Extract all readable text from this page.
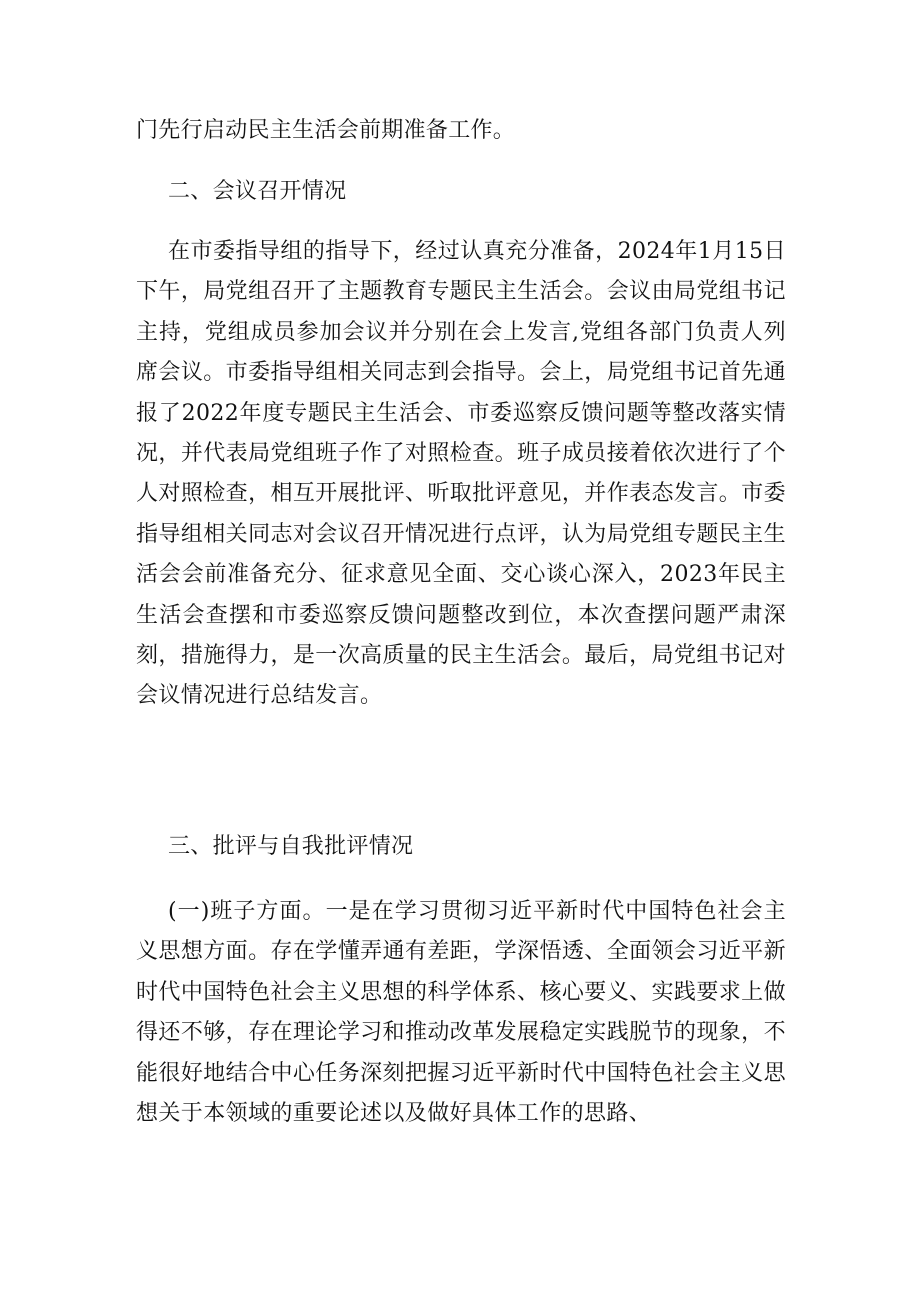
门先行启动民主生活会前期准备工作。
二、会议召开情况
在市委指导组的指导下，经过认真充分准备，2024年1月15日下午，局党组召开了主题教育专题民主生活会。会议由局党组书记主持，党组成员参加会议并分别在会上发言,党组各部门负责人列席会议。市委指导组相关同志到会指导。会上，局党组书记首先通报了2022年度专题民主生活会、市委巡察反馈问题等整改落实情况，并代表局党组班子作了对照检查。班子成员接着依次进行了个人对照检查，相互开展批评、听取批评意见，并作表态发言。市委指导组相关同志对会议召开情况进行点评，认为局党组专题民主生活会会前准备充分、征求意见全面、交心谈心深入，2023年民主生活会查摆和市委巡察反馈问题整改到位，本次查摆问题严肃深刻，措施得力，是一次高质量的民主生活会。最后，局党组书记对会议情况进行总结发言。
三、批评与自我批评情况
(一)班子方面。一是在学习贯彻习近平新时代中国特色社会主义思想方面。存在学懂弄通有差距，学深悟透、全面领会习近平新时代中国特色社会主义思想的科学体系、核心要义、实践要求上做得还不够，存在理论学习和推动改革发展稳定实践脱节的现象，不能很好地结合中心任务深刻把握习近平新时代中国特色社会主义思想关于本领域的重要论述以及做好具体工作的思路、
